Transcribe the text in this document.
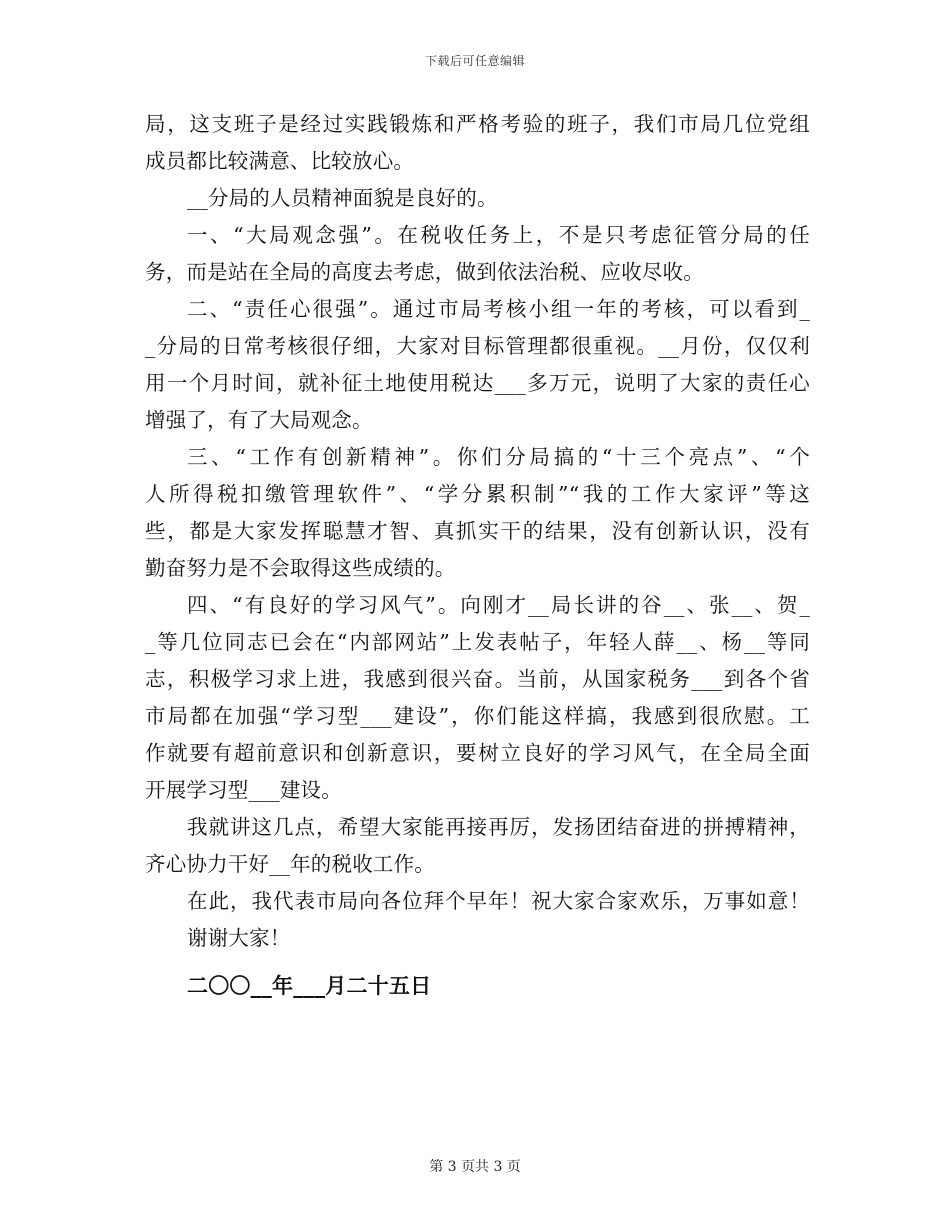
下载后可任意编辑
局，这支班子是经过实践锻炼和严格考验的班子，我们市局几位党组
成员都比较满意、比较放心。
__分局的人员精神面貌是良好的。
一、“大局观念强”。在税收任务上，不是只考虑征管分局的任
务，而是站在全局的高度去考虑，做到依法治税、应收尽收。
二、“责任心很强”。通过市局考核小组一年的考核，可以看到_
_分局的日常考核很仔细，大家对目标管理都很重视。__月份，仅仅利
用一个月时间，就补征土地使用税达___多万元，说明了大家的责任心
增强了，有了大局观念。
三、“工作有创新精神”。你们分局搞的“十三个亮点”、“个
人所得税扣缴管理软件”、“学分累积制”“我的工作大家评”等这
些，都是大家发挥聪慧才智、真抓实干的结果，没有创新认识，没有
勤奋努力是不会取得这些成绩的。
四、“有良好的学习风气”。向刚才__局长讲的谷__、张__、贺_
_等几位同志已会在“内部网站”上发表帖子，年轻人薛__、杨__等同
志，积极学习求上进，我感到很兴奋。当前，从国家税务___到各个省
市局都在加强“学习型___建设”，你们能这样搞，我感到很欣慰。工
作就要有超前意识和创新意识，要树立良好的学习风气，在全局全面
开展学习型___建设。
我就讲这几点，希望大家能再接再厉，发扬团结奋进的拼搏精神，
齐心协力干好__年的税收工作。
在此，我代表市局向各位拜个早年！祝大家合家欢乐，万事如意！
谢谢大家！
二〇〇__年___月二十五日
第 3 页共 3 页
